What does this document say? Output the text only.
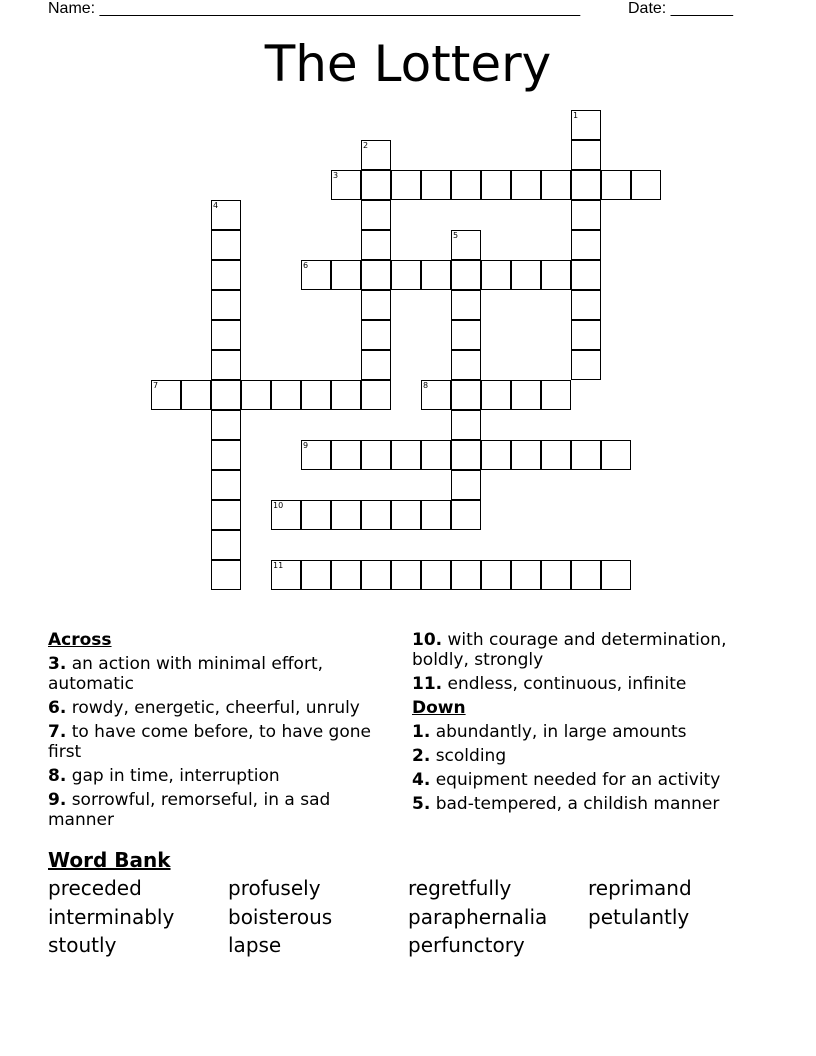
Name: ______________________________________________________	Date: _______
The Lottery
1
2
3
4
5
6
7	8
9
10
11
Across
3. an action with minimal effort, automatic
6. rowdy, energetic, cheerful, unruly
7. to have come before, to have gone first
8. gap in time, interruption
9. sorrowful, remorseful, in a sad manner
10. with courage and determination, boldly, strongly
11. endless, continuous, infinite
Down
1. abundantly, in large amounts
2. scolding
4. equipment needed for an activity
5. bad-tempered, a childish manner
Word Bank
preceded	profusely	regretfully	reprimand
interminably	boisterous	paraphernalia	petulantly
stoutly	lapse	perfunctory
